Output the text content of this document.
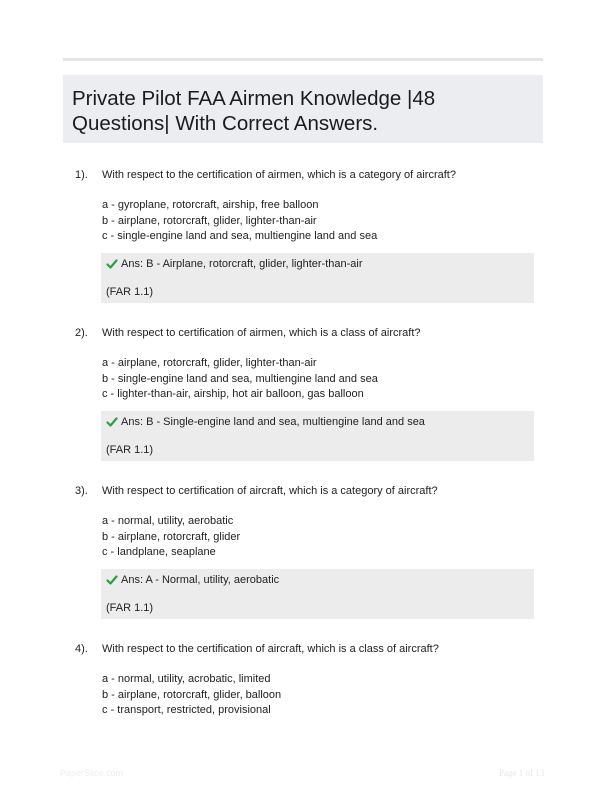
Private Pilot FAA Airmen Knowledge |48 Questions| With Correct Answers.
1).	With respect to the certification of airmen, which is a category of aircraft?
a - gyroplane, rotorcraft, airship, free balloon
b - airplane, rotorcraft, glider, lighter-than-air
c - single-engine land and sea, multiengine land and sea
Ans: B - Airplane, rotorcraft, glider, lighter-than-air
(FAR 1.1)
2).	With respect to certification of airmen, which is a class of aircraft?
a - airplane, rotorcraft, glider, lighter-than-air
b - single-engine land and sea, multiengine land and sea
c - lighter-than-air, airship, hot air balloon, gas balloon
Ans: B - Single-engine land and sea, multiengine land and sea
(FAR 1.1)
3).	With respect to certification of aircraft, which is a category of aircraft?
a - normal, utility, aerobatic
b - airplane, rotorcraft, glider
c - landplane, seaplane
Ans: A - Normal, utility, aerobatic
(FAR 1.1)
4).	With respect to the certification of aircraft, which is a class of aircraft?
a - normal, utility, acrobatic, limited
b - airplane, rotorcraft, glider, balloon
c - transport, restricted, provisional
PaperSlice.com	Page 1 of 13
